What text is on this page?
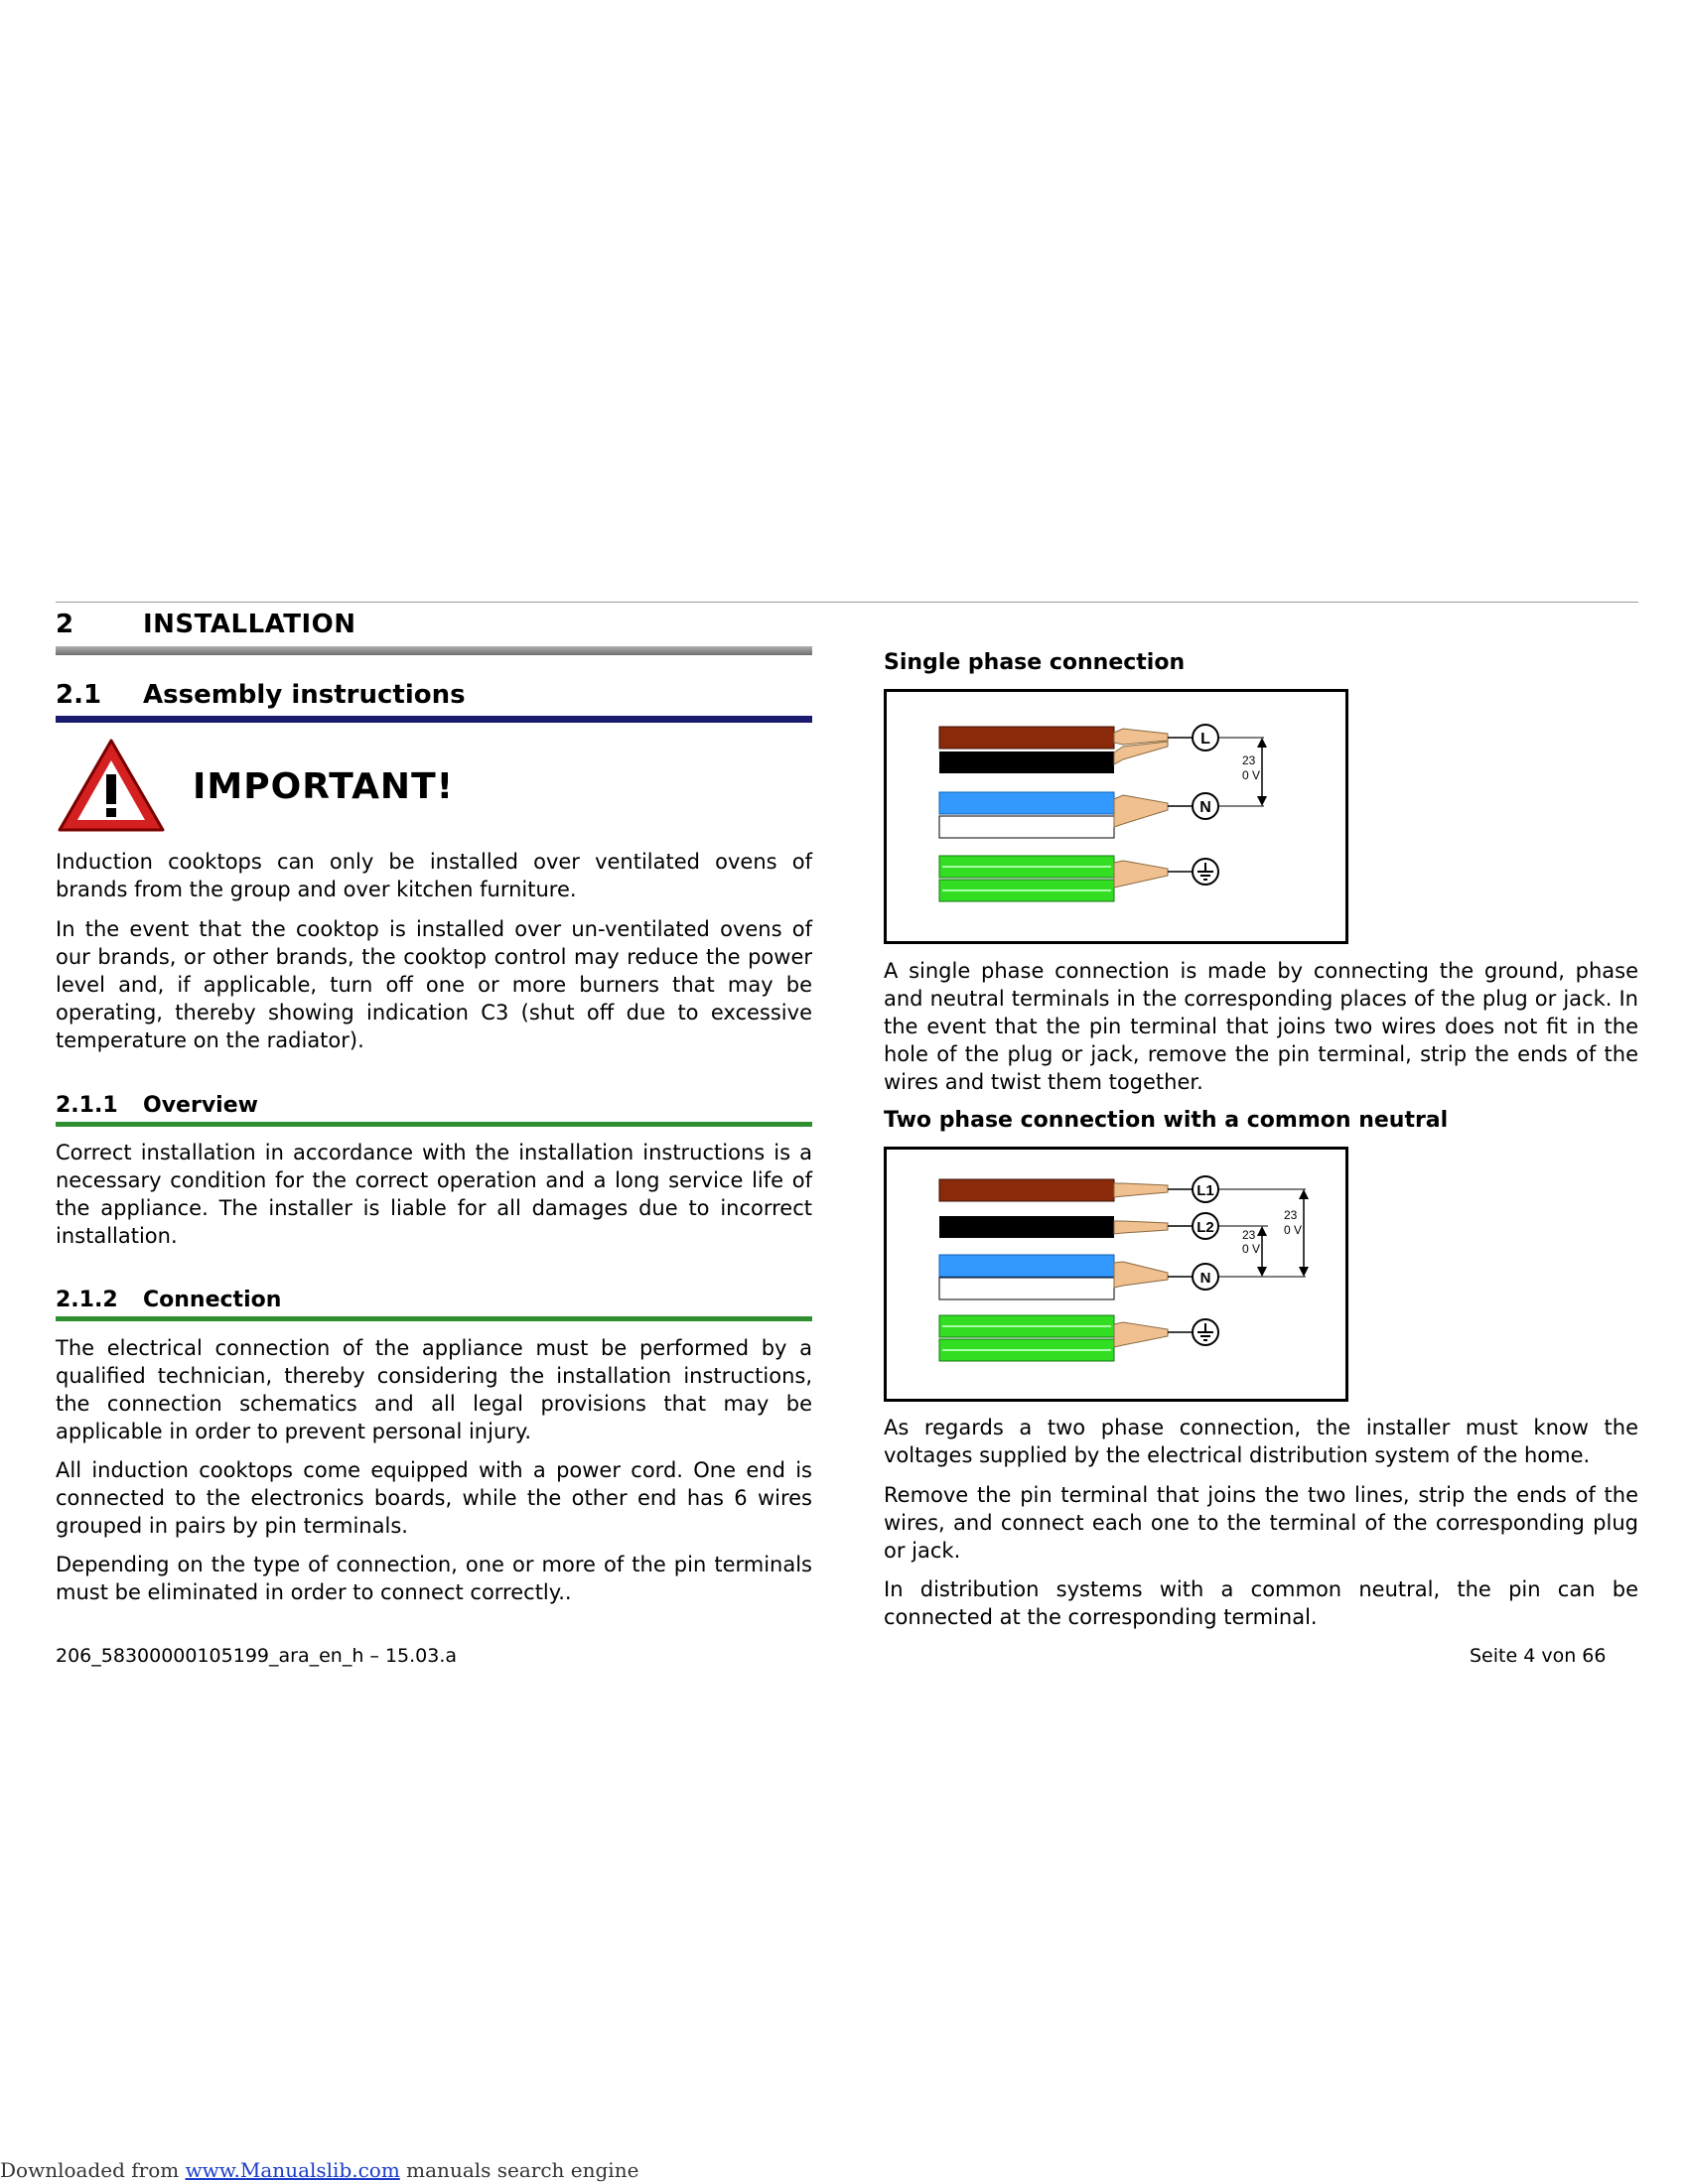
2	INSTALLATION
2.1 Assembly instructions
IMPORTANT!
Induction cooktops can only be installed over ventilated ovens of brands from the group and over kitchen furniture.
In the event that the cooktop is installed over un-ventilated ovens of our brands, or other brands, the cooktop control may reduce the power level and, if applicable, turn off one or more burners that may be operating, thereby showing indication C3 (shut off due to excessive temperature on the radiator).
2.1.1 Overview
Correct installation in accordance with the installation instructions is a necessary condition for the correct operation and a long service life of the appliance. The installer is liable for all damages due to incorrect installation.
2.1.2 Connection
The electrical connection of the appliance must be performed by a qualified technician, thereby considering the installation instructions, the connection schematics and all legal provisions that may be applicable in order to prevent personal injury.
All induction cooktops come equipped with a power cord. One end is connected to the electronics boards, while the other end has 6 wires grouped in pairs by pin terminals.
Depending on the type of connection, one or more of the pin terminals must be eliminated in order to connect correctly..
Single phase connection
L
N
23
0 V
A single phase connection is made by connecting the ground, phase and neutral terminals in the corresponding places of the plug or jack. In the event that the pin terminal that joins two wires does not fit in the hole of the plug or jack, remove the pin terminal, strip the ends of the wires and twist them together.
Two phase connection with a common neutral
L1
L2
N
23
0 V
23
0 V
As regards a two phase connection, the installer must know the voltages supplied by the electrical distribution system of the home.
Remove the pin terminal that joins the two lines, strip the ends of the wires, and connect each one to the terminal of the corresponding plug or jack.
In distribution systems with a common neutral, the pin can be connected at the corresponding terminal.
206_58300000105199_ara_en_h – 15.03.a	Seite 4 von 66
Downloaded from www.Manualslib.com manuals search engine
